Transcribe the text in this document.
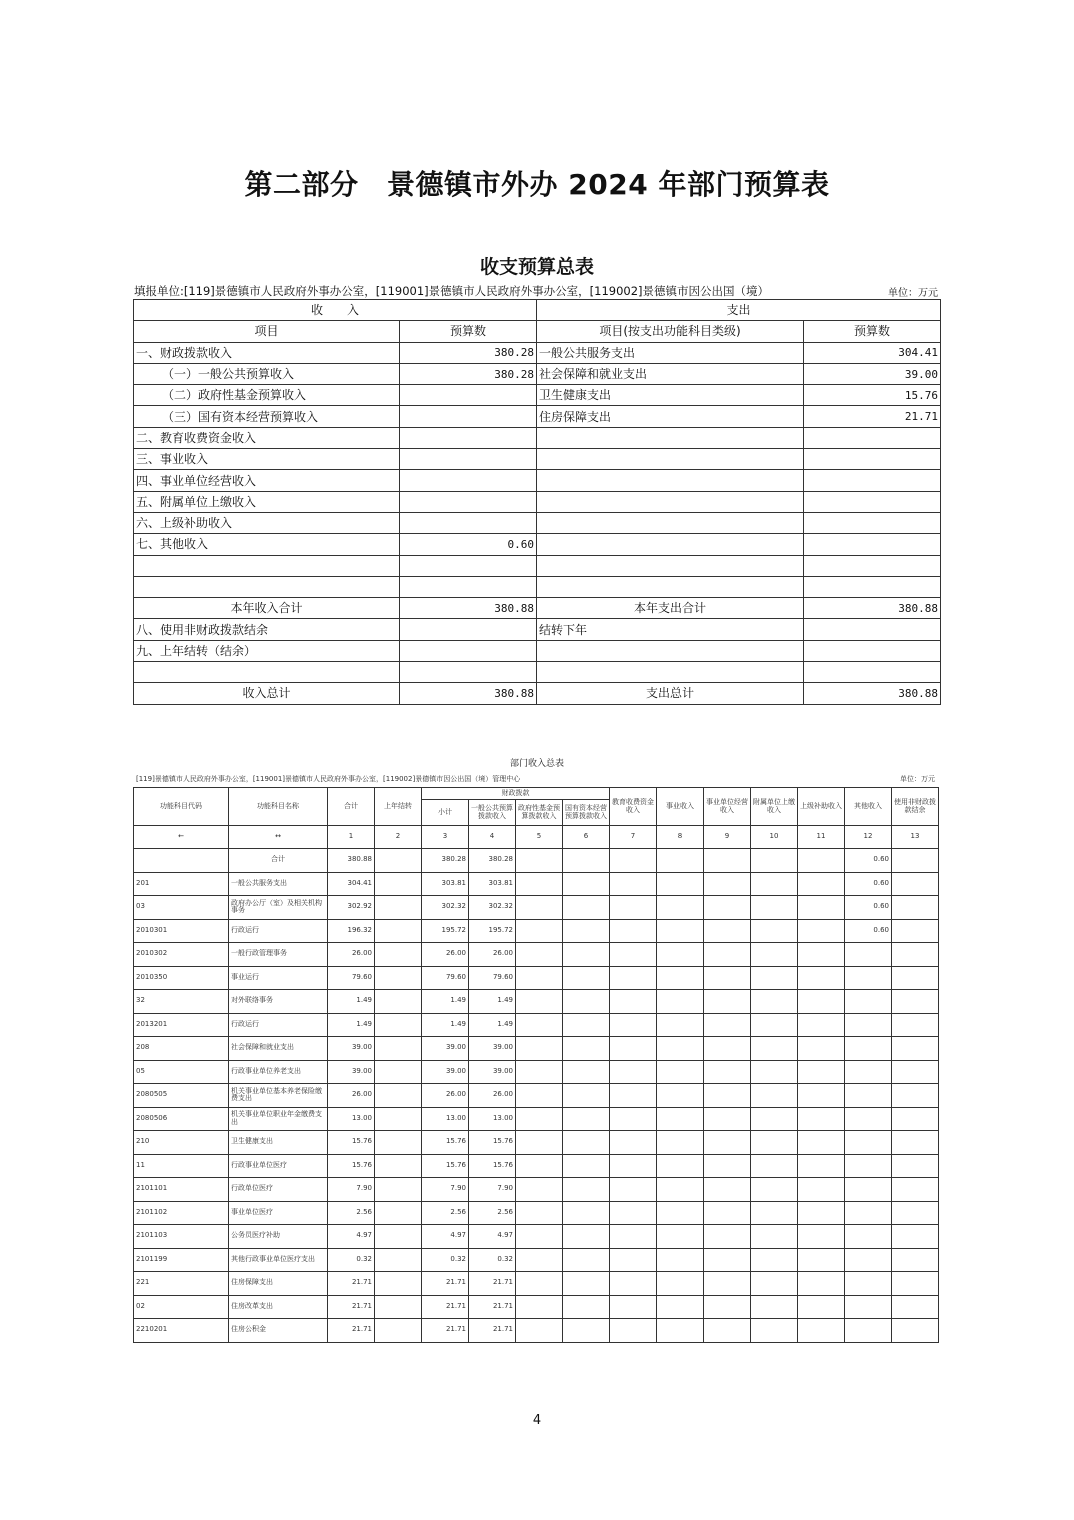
第二部分　景德镇市外办 2024 年部门预算表
收支预算总表
填报单位:[119]景德镇市人民政府外事办公室，[119001]景德镇市人民政府外事办公室，[119002]景德镇市因公出国（境）	单位：万元
收　　入		支出	
项目	预算数	项目(按支出功能科目类级)	预算数
一、财政拨款收入	380.28	一般公共服务支出	304.41
（一）一般公共预算收入	380.28	社会保障和就业支出	39.00
（二）政府性基金预算收入		卫生健康支出	15.76
（三）国有资本经营预算收入		住房保障支出	21.71
二、教育收费资金收入			
三、事业收入			
四、事业单位经营收入			
五、附属单位上缴收入			
六、上级补助收入			
七、其他收入	0.60		

本年收入合计	380.88	本年支出合计	380.88
八、使用非财政拨款结余		结转下年	
九、上年结转（结余）			

收入总计	380.88	支出总计	380.88
部门收入总表
[119]景德镇市人民政府外事办公室，[119001]景德镇市人民政府外事办公室，[119002]景德镇市因公出国（境）管理中心	单位：万元
功能科目代码	功能科目名称	合计	上年结转	财政拨款				教育收费资金收入	事业收入	事业单位经营收入	附属单位上缴收入	上级补助收入	其他收入	使用非财政拨款结余
				小计	一般公共预算拨款收入	政府性基金预算拨款收入	国有资本经营预算拨款收入							
←	↔	1	2	3	4	5	6	7	8	9	10	11	12	13
	合计	380.88		380.28	380.28								0.60	
201	一般公共服务支出	304.41		303.81	303.81								0.60	
03	政府办公厅（室）及相关机构事务	302.92		302.32	302.32								0.60	
2010301	行政运行	196.32		195.72	195.72								0.60	
2010302	一般行政管理事务	26.00		26.00	26.00									
2010350	事业运行	79.60		79.60	79.60									
32	对外联络事务	1.49		1.49	1.49									
2013201	行政运行	1.49		1.49	1.49									
208	社会保障和就业支出	39.00		39.00	39.00									
05	行政事业单位养老支出	39.00		39.00	39.00									
2080505	机关事业单位基本养老保险缴费支出	26.00		26.00	26.00									
2080506	机关事业单位职业年金缴费支出	13.00		13.00	13.00									
210	卫生健康支出	15.76		15.76	15.76									
11	行政事业单位医疗	15.76		15.76	15.76									
2101101	行政单位医疗	7.90		7.90	7.90									
2101102	事业单位医疗	2.56		2.56	2.56									
2101103	公务员医疗补助	4.97		4.97	4.97									
2101199	其他行政事业单位医疗支出	0.32		0.32	0.32									
221	住房保障支出	21.71		21.71	21.71									
02	住房改革支出	21.71		21.71	21.71									
2210201	住房公积金	21.71		21.71	21.71									
4
